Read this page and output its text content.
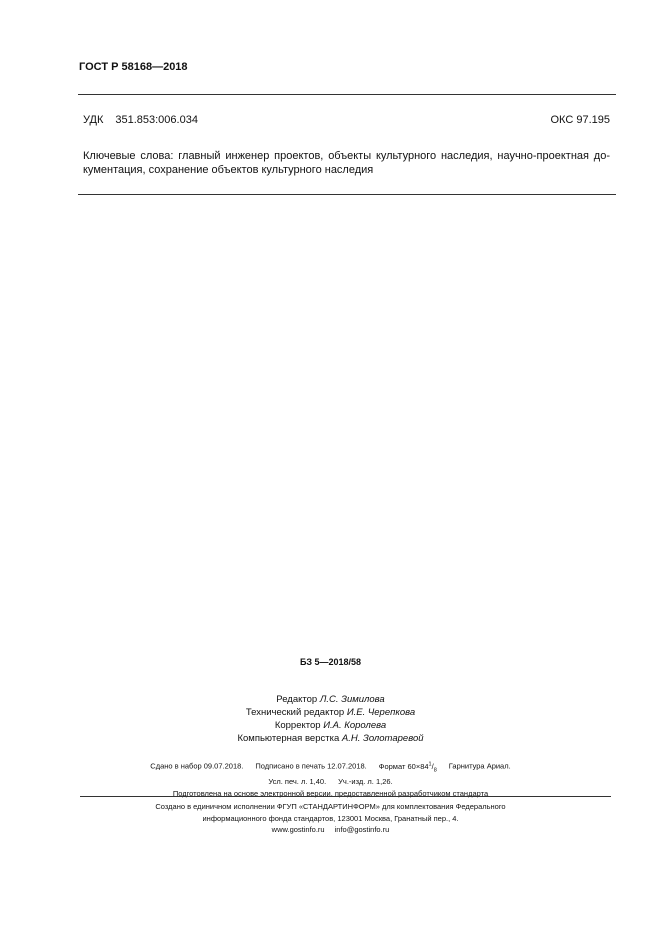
ГОСТ Р 58168—2018
УДК 351.853:006.034	ОКС 97.195
Ключевые слова: главный инженер проектов, объекты культурного наследия, научно-проектная до-
кументация, сохранение объектов культурного наследия
БЗ 5—2018/58
Редактор Л.С. Зимилова
Технический редактор И.Е. Черепкова
Корректор И.А. Королева
Компьютерная верстка А.Н. Золотаревой
Сдано в набор 09.07.2018. Подписано в печать 12.07.2018. Формат $60\times 84^1/_8$ Гарнитура Ариал.
Усл. печ. л. 1,40. Уч.-изд. л. 1,26.
Подготовлена на основе электронной версии, предоставленной разработчиком стандарта
Создано в единичном исполнении ФГУП «СТАНДАРТИНФОРМ» для комплектования Федерального
информационного фонда стандартов, 123001 Москва, Гранатный пер., 4.
www.gostinfo.ru info@gostinfo.ru
